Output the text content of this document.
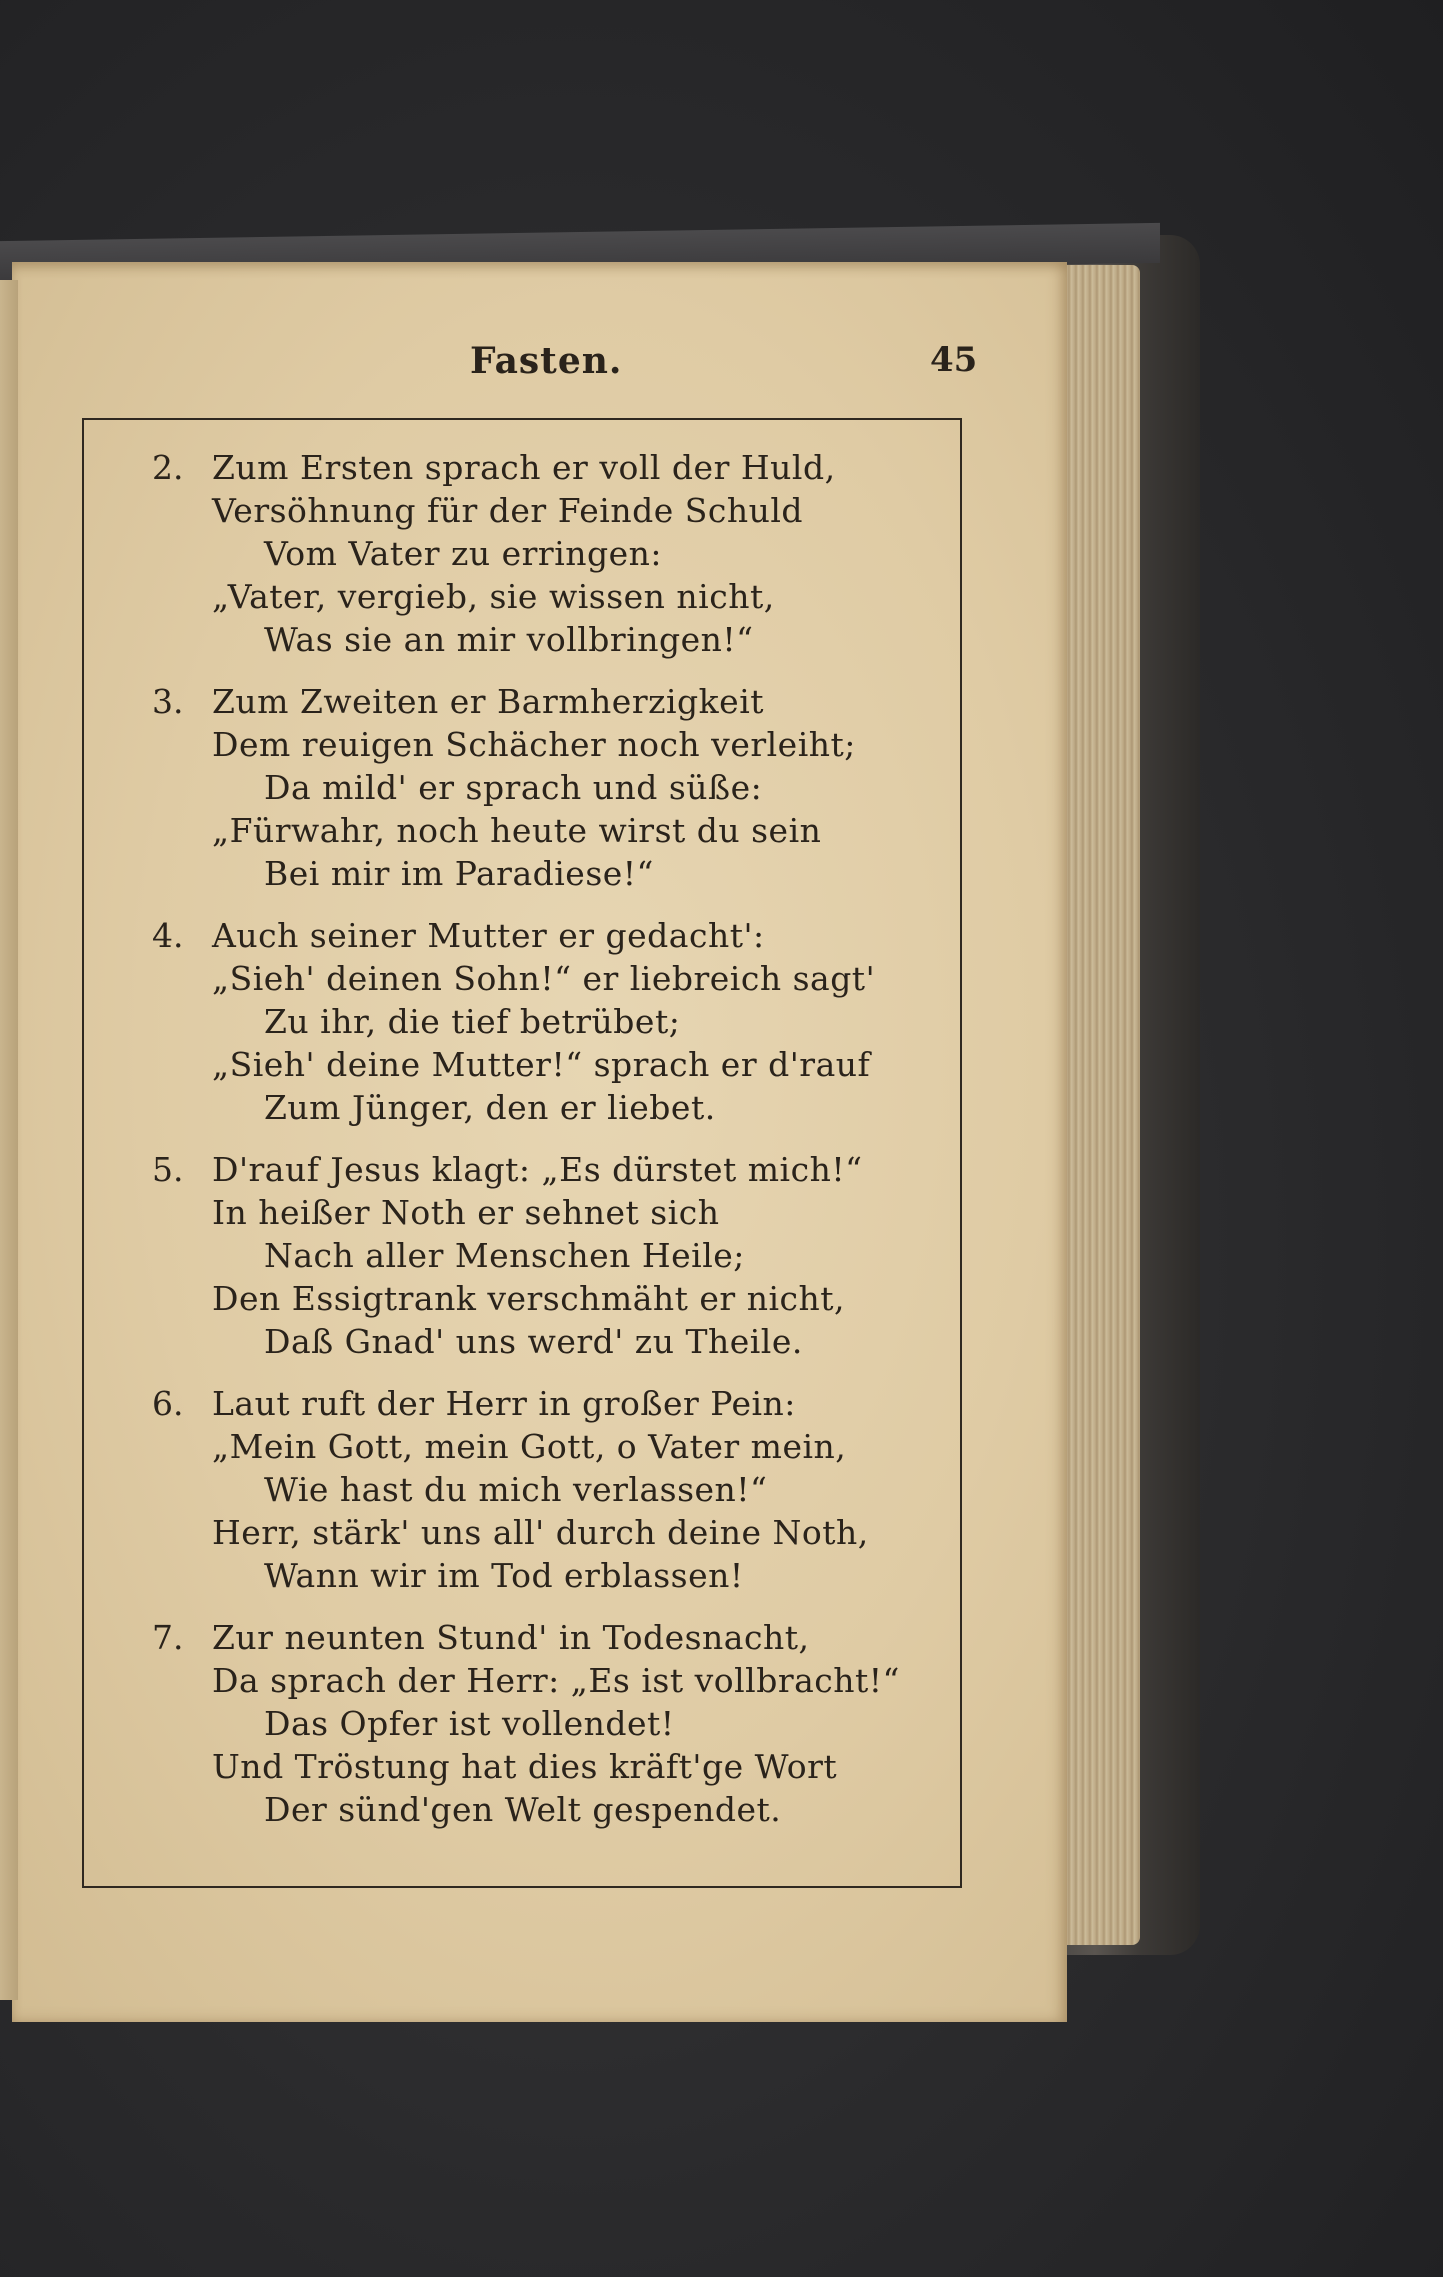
Fasten.	45
2. Zum Ersten sprach er voll der Huld,
Versöhnung für der Feinde Schuld
Vom Vater zu erringen:
„Vater, vergieb, sie wissen nicht,
Was sie an mir vollbringen!“
3. Zum Zweiten er Barmherzigkeit
Dem reuigen Schächer noch verleiht;
Da mild' er sprach und süße:
„Fürwahr, noch heute wirst du sein
Bei mir im Paradiese!“
4. Auch seiner Mutter er gedacht':
„Sieh' deinen Sohn!“ er liebreich sagt'
Zu ihr, die tief betrübet;
„Sieh' deine Mutter!“ sprach er d'rauf
Zum Jünger, den er liebet.
5. D'rauf Jesus klagt: „Es dürstet mich!“
In heißer Noth er sehnet sich
Nach aller Menschen Heile;
Den Essigtrank verschmäht er nicht,
Daß Gnad' uns werd' zu Theile.
6. Laut ruft der Herr in großer Pein:
„Mein Gott, mein Gott, o Vater mein,
Wie hast du mich verlassen!“
Herr, stärk' uns all' durch deine Noth,
Wann wir im Tod erblassen!
7. Zur neunten Stund' in Todesnacht,
Da sprach der Herr: „Es ist vollbracht!“
Das Opfer ist vollendet!
Und Tröstung hat dies kräft'ge Wort
Der sünd'gen Welt gespendet.
